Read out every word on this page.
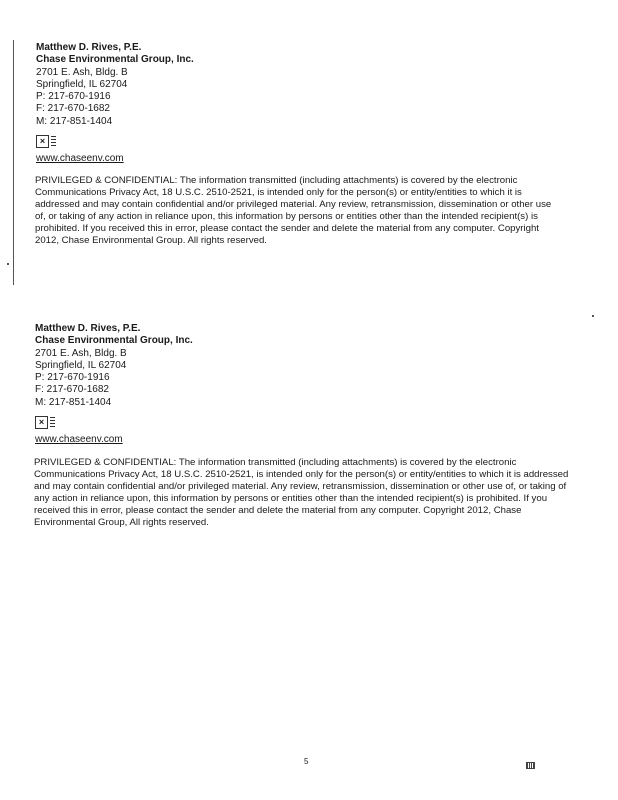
Matthew D. Rives, P.E.
Chase Environmental Group, Inc.
2701 E. Ash, Bldg. B
Springfield, IL 62704
P: 217-670-1916
F: 217-670-1682
M: 217-851-1404
×
www.chaseenv.com
PRIVILEGED & CONFIDENTIAL: The information transmitted (including attachments) is covered by the electronic Communications Privacy Act, 18 U.S.C. 2510-2521, is intended only for the person(s) or entity/entities to which it is addressed and may contain confidential and/or privileged material. Any review, retransmission, dissemination or other use of, or taking of any action in reliance upon, this information by persons or entities other than the intended recipient(s) is prohibited. If you received this in error, please contact the sender and delete the material from any computer. Copyright 2012, Chase Environmental Group. All rights reserved.
Matthew D. Rives, P.E.
Chase Environmental Group, Inc.
2701 E. Ash, Bldg. B
Springfield, IL 62704
P: 217-670-1916
F: 217-670-1682
M: 217-851-1404
×
www.chaseenv.com
PRIVILEGED & CONFIDENTIAL: The information transmitted (including attachments) is covered by the electronic Communications Privacy Act, 18 U.S.C. 2510-2521, is intended only for the person(s) or entity/entities to which it is addressed and may contain confidential and/or privileged material. Any review, retransmission, dissemination or other use of, or taking of any action in reliance upon, this information by persons or entities other than the intended recipient(s) is prohibited. If you received this in error, please contact the sender and delete the material from any computer. Copyright 2012, Chase Environmental Group, All rights reserved.
5
